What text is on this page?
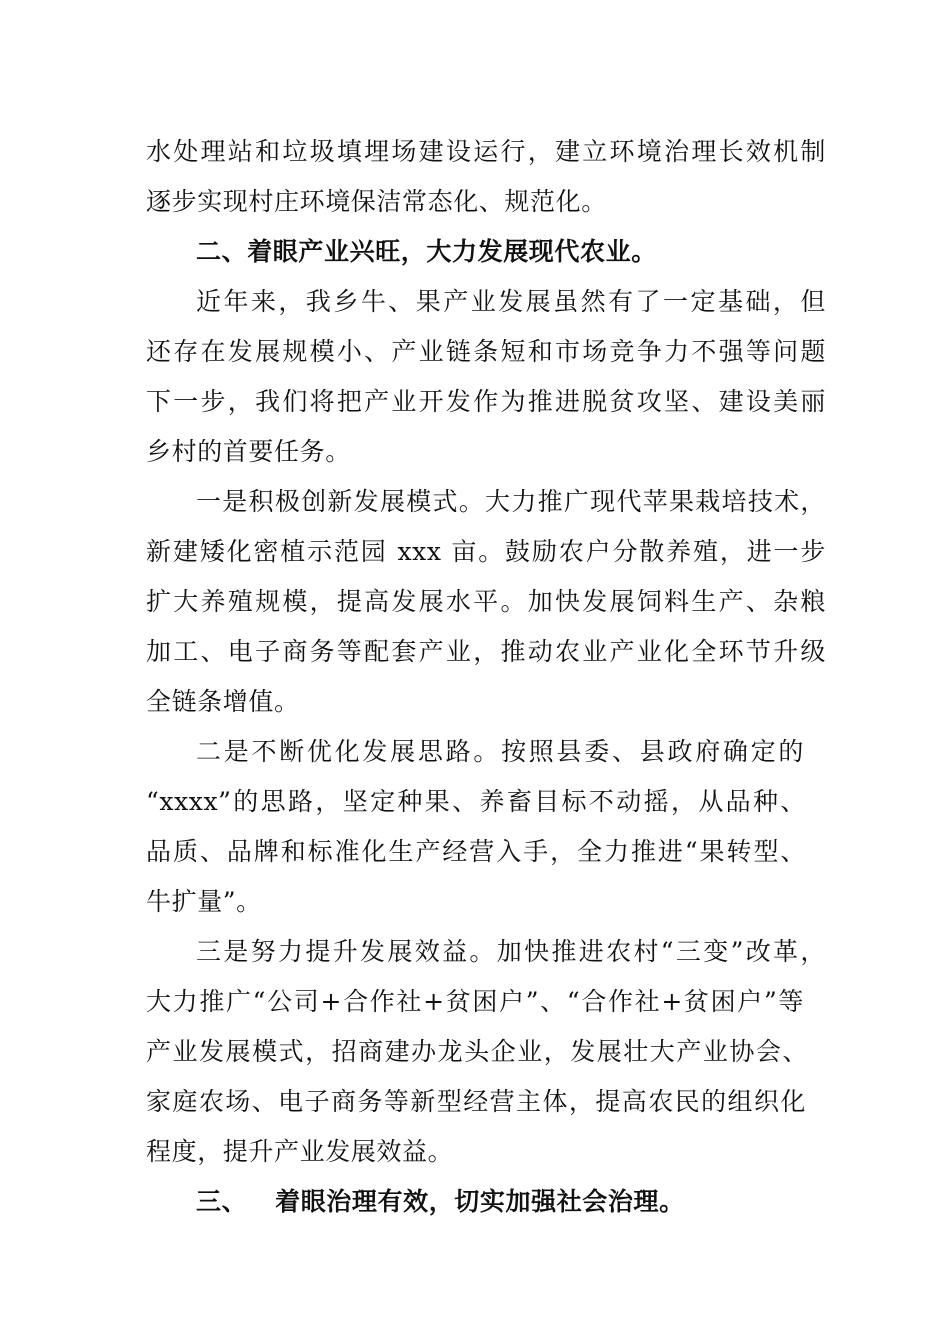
水处理站和垃圾填埋场建设运行，建立环境治理长效机制
逐步实现村庄环境保洁常态化、规范化。
二、着眼产业兴旺，大力发展现代农业。
近年来，我乡牛、果产业发展虽然有了一定基础，但
还存在发展规模小、产业链条短和市场竞争力不强等问题
下一步，我们将把产业开发作为推进脱贫攻坚、建设美丽
乡村的首要任务。
一是积极创新发展模式。大力推广现代苹果栽培技术，
新建矮化密植示范园 xxx 亩。鼓励农户分散养殖，进一步
扩大养殖规模，提高发展水平。加快发展饲料生产、杂粮
加工、电子商务等配套产业，推动农业产业化全环节升级
全链条增值。
二是不断优化发展思路。按照县委、县政府确定的
“xxxx”的思路，坚定种果、养畜目标不动摇，从品种、
品质、品牌和标准化生产经营入手，全力推进“果转型、
牛扩量”。
三是努力提升发展效益。加快推进农村“三变”改革，
大力推广“公司+合作社+贫困户”、“合作社+贫困户”等
产业发展模式，招商建办龙头企业，发展壮大产业协会、
家庭农场、电子商务等新型经营主体，提高农民的组织化
程度，提升产业发展效益。
三、   着眼治理有效，切实加强社会治理。
